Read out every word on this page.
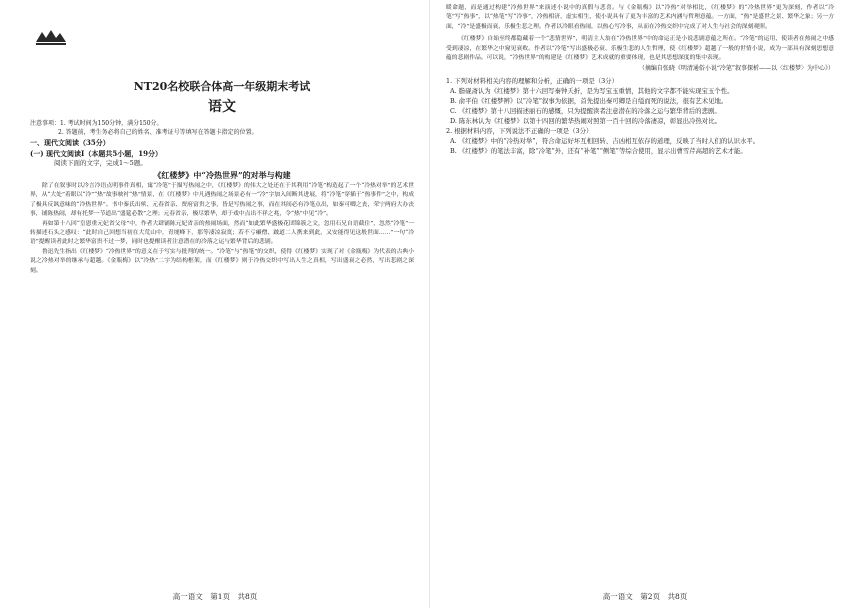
NT20名校联合体高一年级期末考试
语文
注意事项：1. 考试时间为150分钟，满分150分。
2. 答题前，考生务必将自己的姓名、准考证号等填写在答题卡指定的位置。
一、现代文阅读（35分）
(一) 现代文阅读Ⅰ（本题共5小题，19分）
阅读下面的文字，完成1～5题。
《红楼梦》中“冷热世界”的对举与构建

除了在叙事时以冷言冷语点明事件真相，寓“冷笔”于描写热闹之中，《红楼梦》的伟大之处还在于其利用“冷笔”构造起了一个“冷热对举”的艺术世界，从“大处”着眼以“冷”“热”故事映衬“热”情景，在《红楼梦》中凡遇热闹之场景必有一“冷”字加入间断其进展，将“冷笔”穿插于“热事件”之中，构成了极具反讽意味的“冷热世界”。书中秦氏出殡、元春省亲、贾府富贵之事，皆是写热闹之事，而在其间必有冷笔点出，如秦可卿之丧，荣宁两府大办丧事，铺陈热闹，却有托梦一节道出“盛筵必散”之理；元春省亲，极尽繁华，却于戏中点出不祥之兆，令“热”中见“冷”。

再如第十八回“皇恩重元妃省父母”中，作者大肆铺陈元妃省亲的热闹场面，然而“如此繁华盛极花团锦簇之文，忽用石兄自语截住”，忽然“冷笔”一转描述石头之感叹：“此时自己回想当初在大荒山中，青埂峰下，那等凄凉寂寞；若不亏癞僧、跛道二人携来到此，又安能得见这般世面……”一句“冷语”提醒读者此时之繁华富贵不过一梦，同时也提醒读者注意潜在的冷落之运与繁华背后的悲剧。

鲁迅先生指出《红楼梦》“冷热世界”的意义在于写实与批判的统一。“冷笔”与“热笔”的交织，使得《红楼梦》实现了对《金瓶梅》为代表的古典小说之冷热对举的继承与超越。《金瓶梅》以“冷热”二字为结构框架，而《红楼梦》则于冷热交织中写出人生之真相，写出盛衰之必然，写出悲剧之深刻。

高一语文　第1页　共8页

暖命题，而是通过构建“冷热世界”来演述小说中的真假与悲喜。与《金瓶梅》以“冷热”对举相比，《红楼梦》的“冷热世界”更为深刻，作者以“冷笔”写“热事”，以“热笔”写“冷事”，冷热相济，虚实相生，使小说具有了更为丰富的艺术内涵与哲理意蕴。一方面，“热”是盛世之景、繁华之象；另一方面，“冷”是盛极而衰、乐极生悲之理。作者以冷眼看热闹，以热心写冷事，从而在冷热交织中完成了对人生与社会的深刻观照。

《红楼梦》自始至终都隐藏着一个“悲情世界”，明清主人翁在“冷热世界”中的命运正是小说悲剧意蕴之所在。“冷笔”的运用，使读者在热闹之中感受到凄凉，在繁华之中窥见衰败。作者以“冷笔”写出盛极必衰、乐极生悲的人生哲理，使《红楼梦》超越了一般的世情小说，成为一部具有深刻思想意蕴的悲剧作品。可以说，“冷热世界”的构建是《红楼梦》艺术成就的重要体现，也是其思想深度的集中表现。

（摘编自张晓《明清通俗小说“冷笔”叙事探析——以〈红楼梦〉为中心》）

1. 下列对材料相关内容的理解和分析，正确的一项是（3分）

A. 脂砚斋认为《红楼梦》第十六回写秦钟夭折，是为写宝玉重情，其他的文字都不能实现宝玉个性。

B. 俞平伯《红楼梦辨》以“冷笔”叙事为依据，首先提出秦可卿是自缢而死的说法，很有艺术见地。

C. 《红楼梦》第十八回描述丽石的感慨，只为提醒读者注意潜在的冷落之运与繁华背后的悲剧。

D. 陈东林认为《红楼梦》以第十四回的繁华热闹对照第一百十回的冷落凄凉，彰显出冷热对比。

2. 根据材料内容，下列说法不正确的一项是（3分）

A. 《红楼梦》中的“冷热对举”，符合命运好坏互相回转、吉凶相互依存的道理，反映了当时人们的认识水平。

B. 《红楼梦》的笔法丰富，除“冷笔”外，还有“补笔”“侧笔”等综合使用，显示出曹雪芹高超的艺术才能。

高一语文　第2页　共8页
